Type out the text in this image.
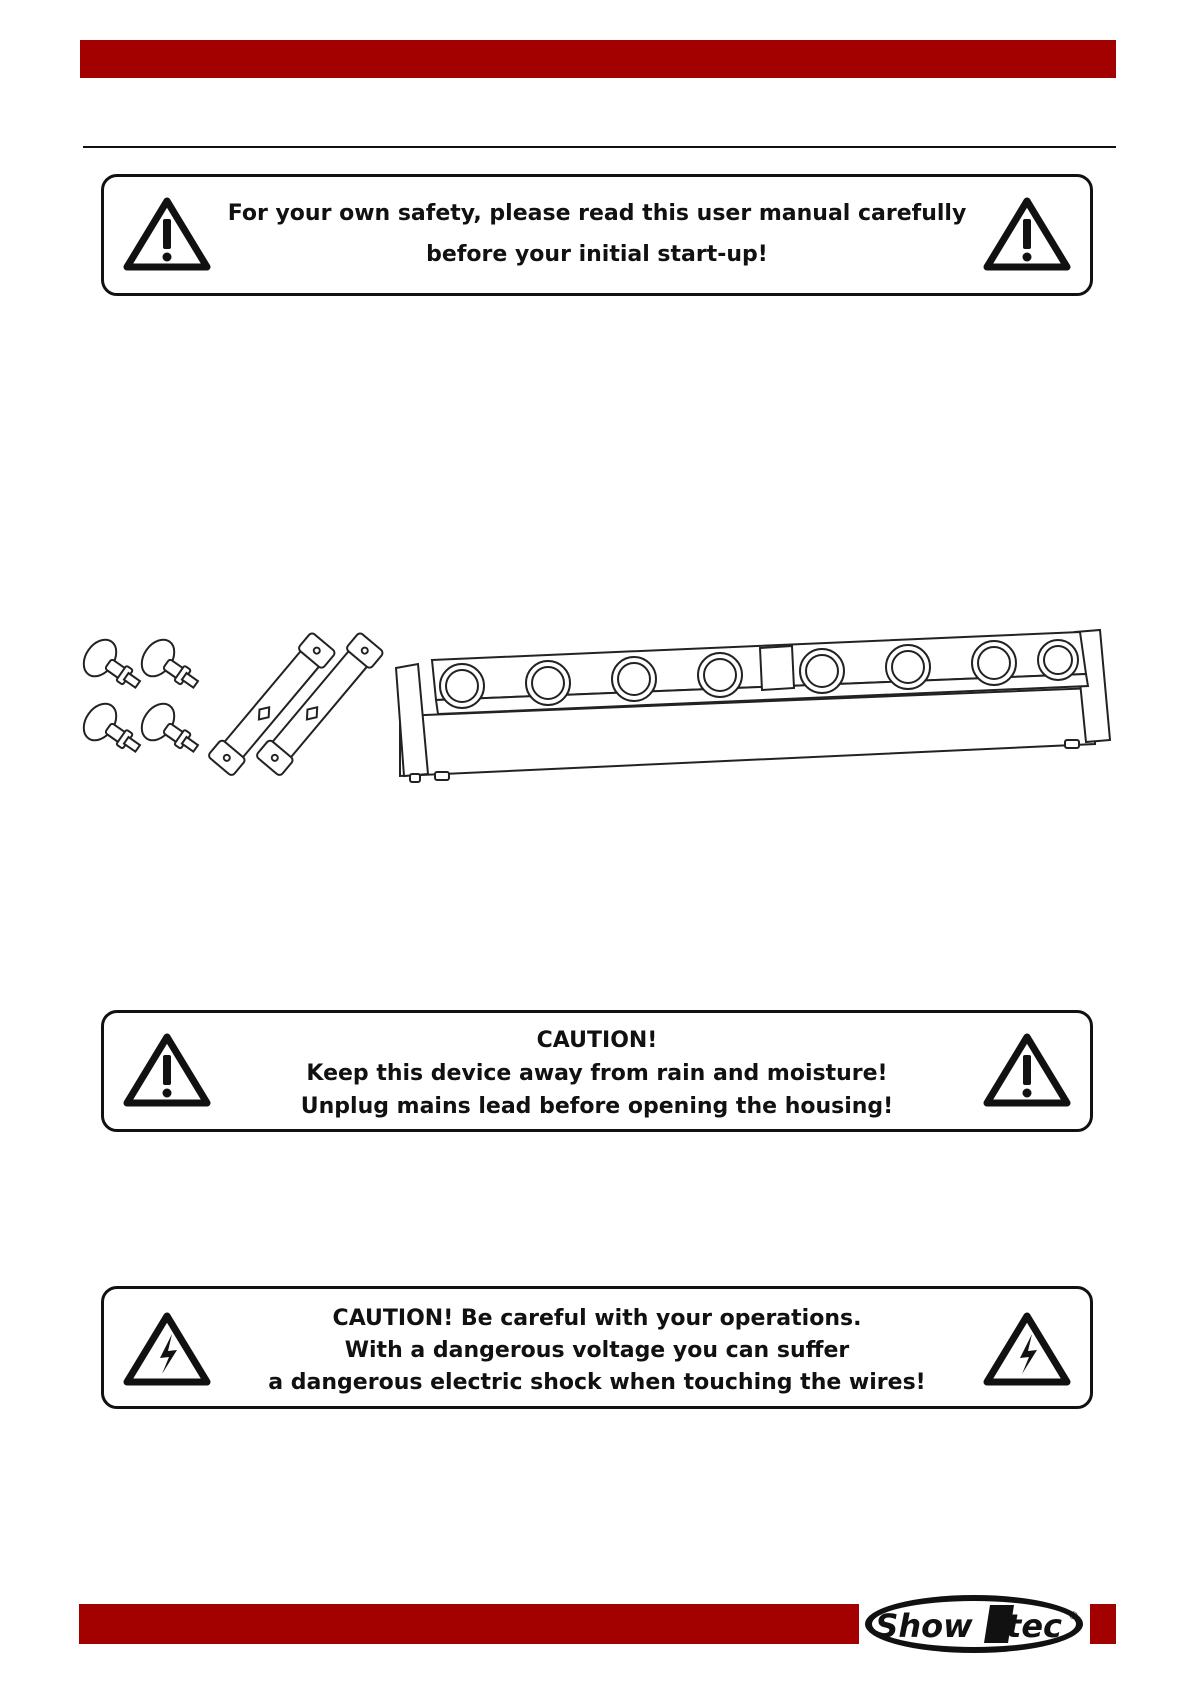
For your own safety, please read this user manual carefully
before your initial start-up!
CAUTION!
Keep this device away from rain and moisture!
Unplug mains lead before opening the housing!
CAUTION! Be careful with your operations.
With a dangerous voltage you can suffer
a dangerous electric shock when touching the wires!
Show tec ®
